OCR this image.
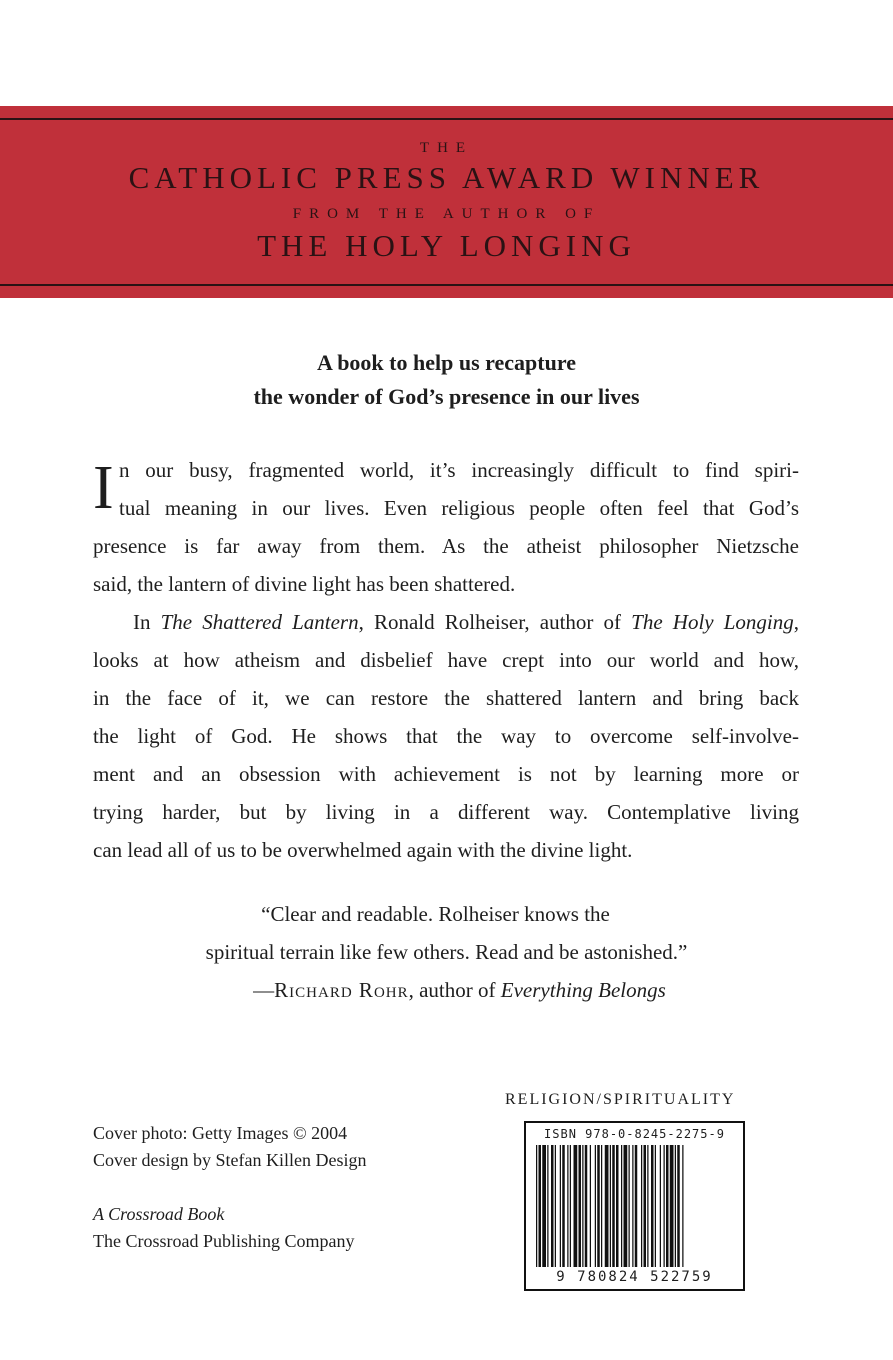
THE
CATHOLIC PRESS AWARD WINNER
FROM THE AUTHOR OF
THE HOLY LONGING
A book to help us recapture
the wonder of God’s presence in our lives
I n our busy, fragmented world, it’s increasingly difficult to find spiri-
tual meaning in our lives. Even religious people often feel that God’s
presence is far away from them. As the atheist philosopher Nietzsche
said, the lantern of divine light has been shattered.
In The Shattered Lantern, Ronald Rolheiser, author of The Holy Longing,
looks at how atheism and disbelief have crept into our world and how,
in the face of it, we can restore the shattered lantern and bring back
the light of God. He shows that the way to overcome self-involve-
ment and an obsession with achievement is not by learning more or
trying harder, but by living in a different way. Contemplative living
can lead all of us to be overwhelmed again with the divine light.
“Clear and readable. Rolheiser knows the
spiritual terrain like few others. Read and be astonished.”
—Richard Rohr, author of Everything Belongs
RELIGION/SPIRITUALITY
ISBN 978-0-8245-2275-9
9 780824 522759
Cover photo: Getty Images © 2004
Cover design by Stefan Killen Design
A Crossroad Book
The Crossroad Publishing Company
